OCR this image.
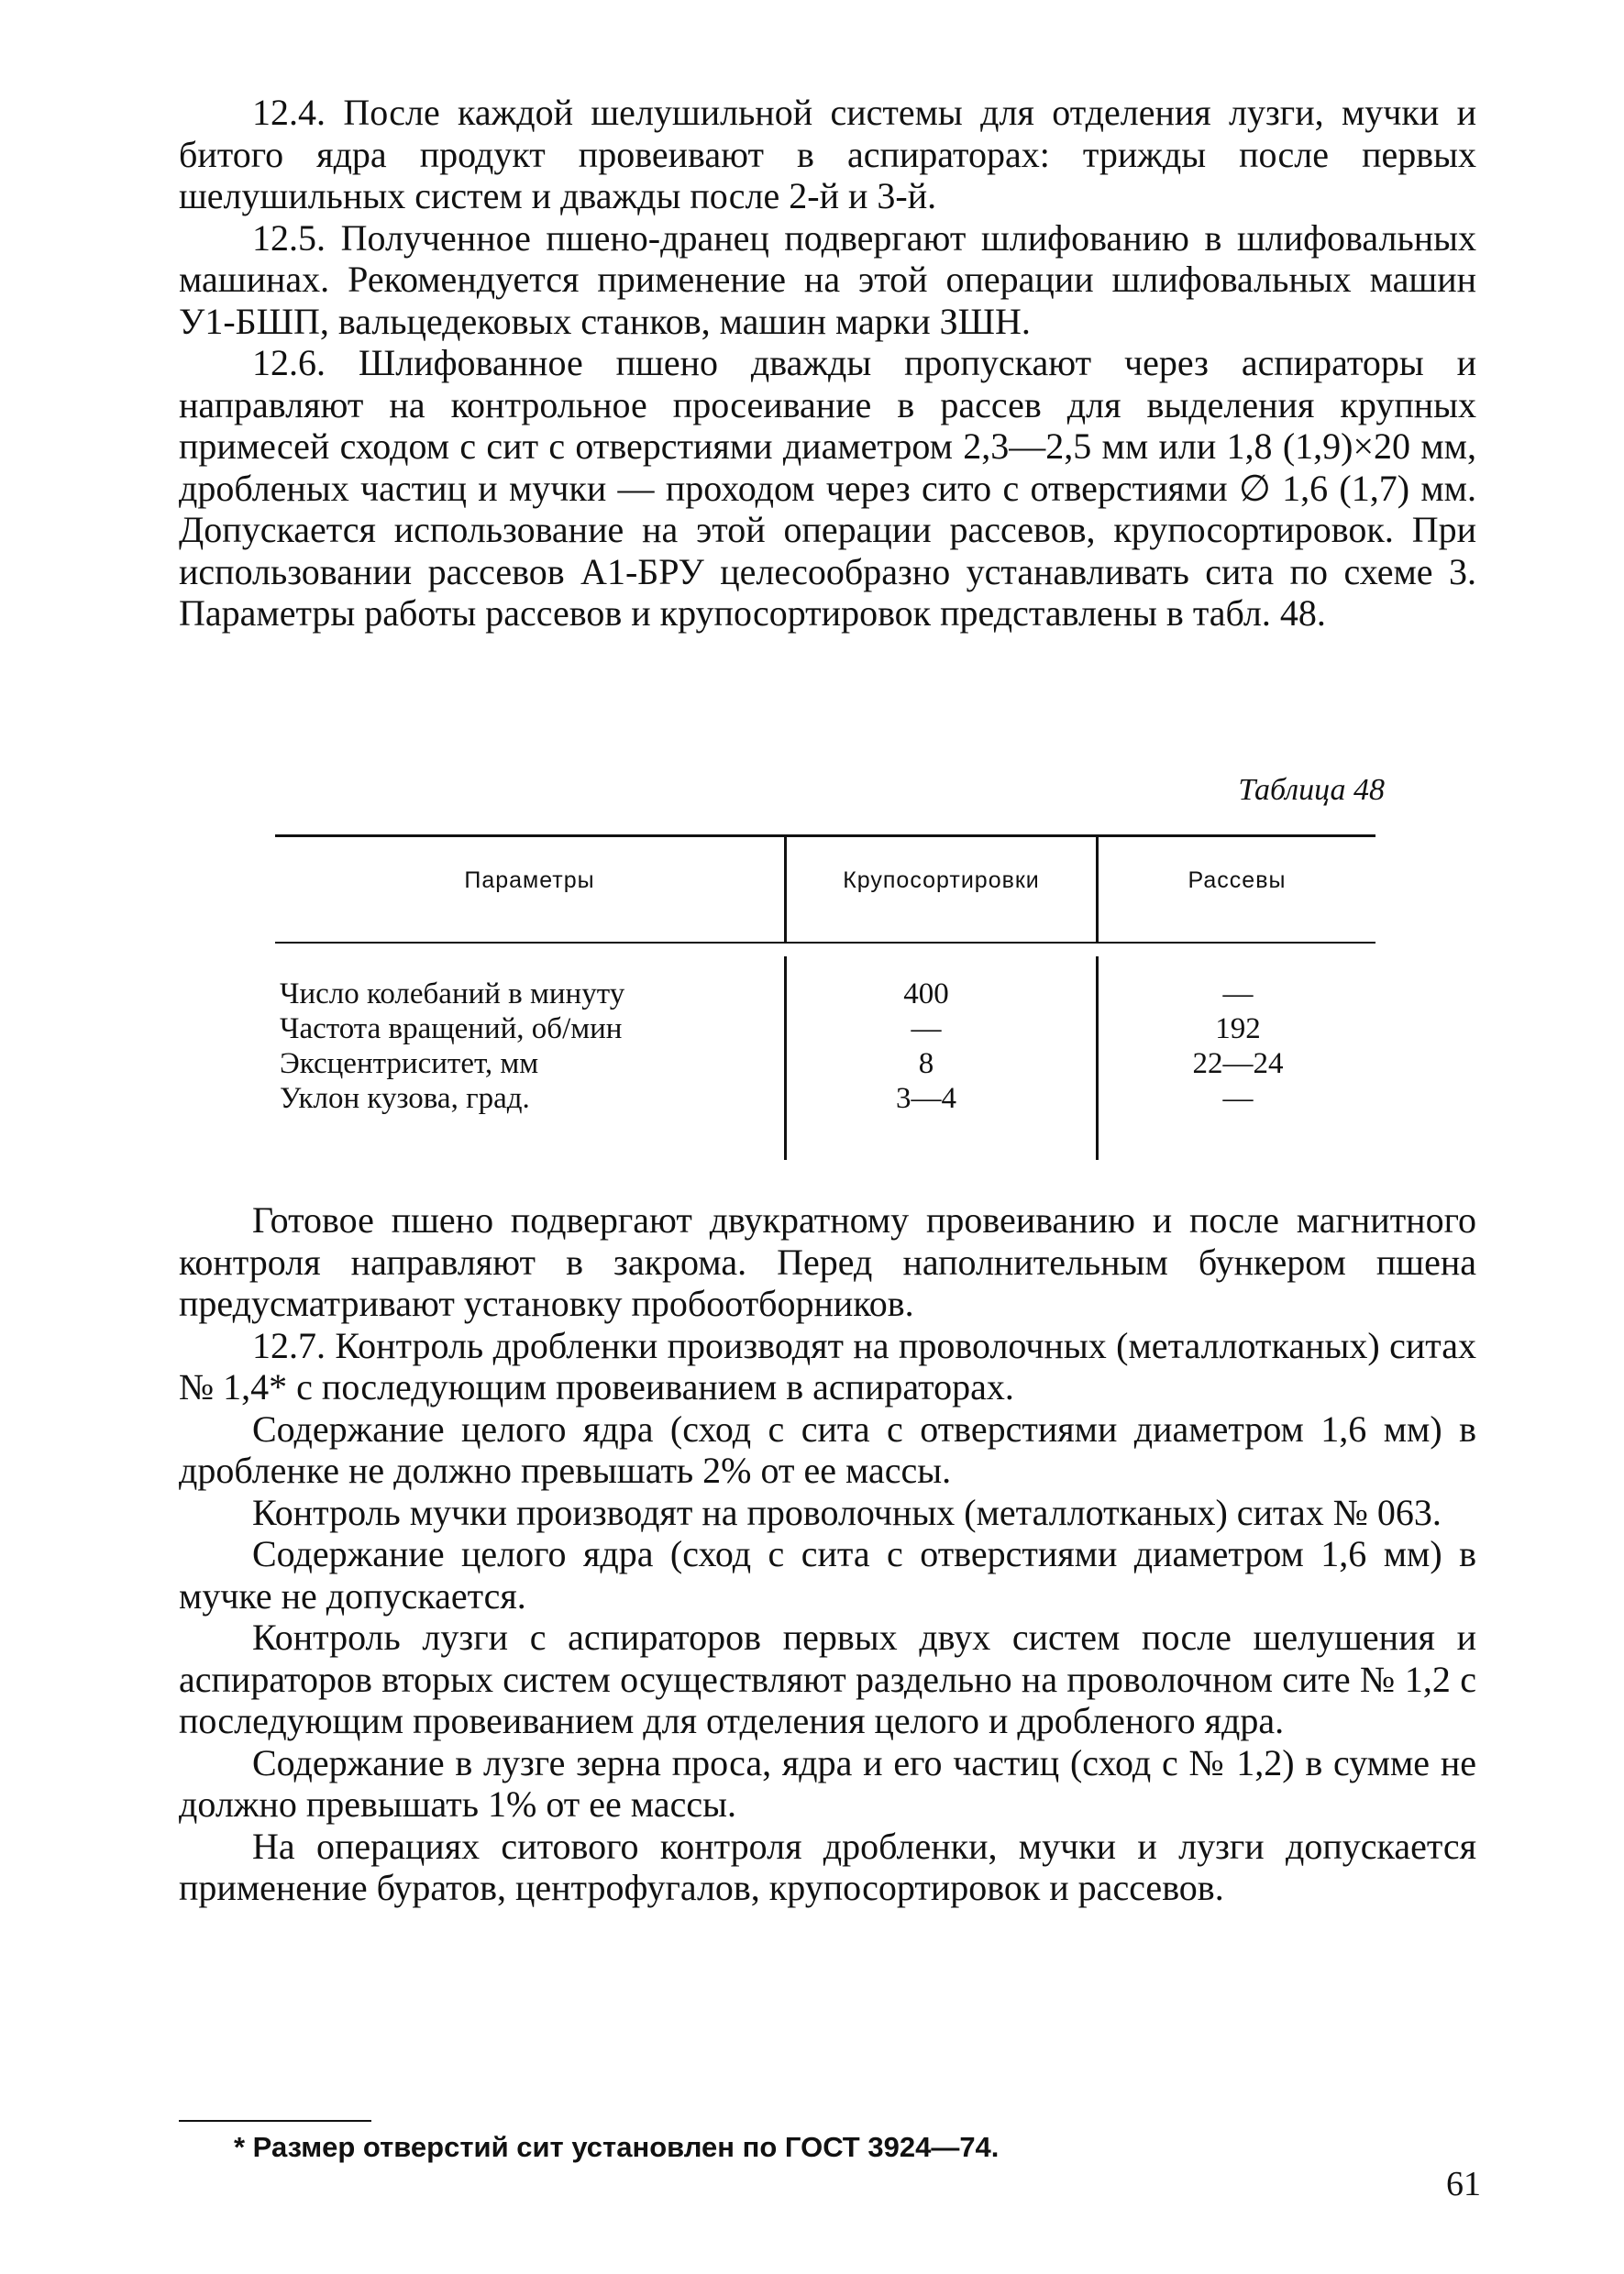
12.4. После каждой шелушильной системы для отделения лузги, мучки и битого ядра продукт провеивают в аспираторах: трижды после первых шелушильных систем и дважды после 2-й и 3-й.

12.5. Полученное пшено-дранец подвергают шлифованию в шлифовальных машинах. Рекомендуется применение на этой операции шлифовальных машин У1-БШП, вальцедековых станков, машин марки ЗШН.

12.6. Шлифованное пшено дважды пропускают через аспираторы и направляют на контрольное просеивание в рассев для выделения крупных примесей сходом с сит с отверстиями диаметром 2,3—2,5 мм или 1,8 (1,9)×20 мм, дробленых частиц и мучки — проходом через сито с отверстиями ∅ 1,6 (1,7) мм. Допускается использование на этой операции рассевов, крупосортировок. При использовании рассевов А1-БРУ целесообразно устанавливать сита по схеме 3. Параметры работы рассевов и крупосортировок представлены в табл. 48.

Таблица 48
Параметры	Крупосортировки	Рассевы
Число колебаний в минуту
Частота вращений, об/мин
Эксцентриситет, мм
Уклон кузова, град.
400
—
8
3—4
—
192
22—24
—

Готовое пшено подвергают двукратному провеиванию и после магнитного контроля направляют в закрома. Перед наполнительным бункером пшена предусматривают установку пробоотборников.

12.7. Контроль дробленки производят на проволочных (металлотканых) ситах № 1,4* с последующим провеиванием в аспираторах.

Содержание целого ядра (сход с сита с отверстиями диаметром 1,6 мм) в дробленке не должно превышать 2% от ее массы.

Контроль мучки производят на проволочных (металлотканых) ситах № 063.

Содержание целого ядра (сход с сита с отверстиями диаметром 1,6 мм) в мучке не допускается.

Контроль лузги с аспираторов первых двух систем после шелушения и аспираторов вторых систем осуществляют раздельно на проволочном сите № 1,2 с последующим провеиванием для отделения целого и дробленого ядра.

Содержание в лузге зерна проса, ядра и его частиц (сход с № 1,2) в сумме не должно превышать 1% от ее массы.

На операциях ситового контроля дробленки, мучки и лузги допускается применение буратов, центрофугалов, крупосортировок и рассевов.

* Размер отверстий сит установлен по ГОСТ 3924—74.
61
